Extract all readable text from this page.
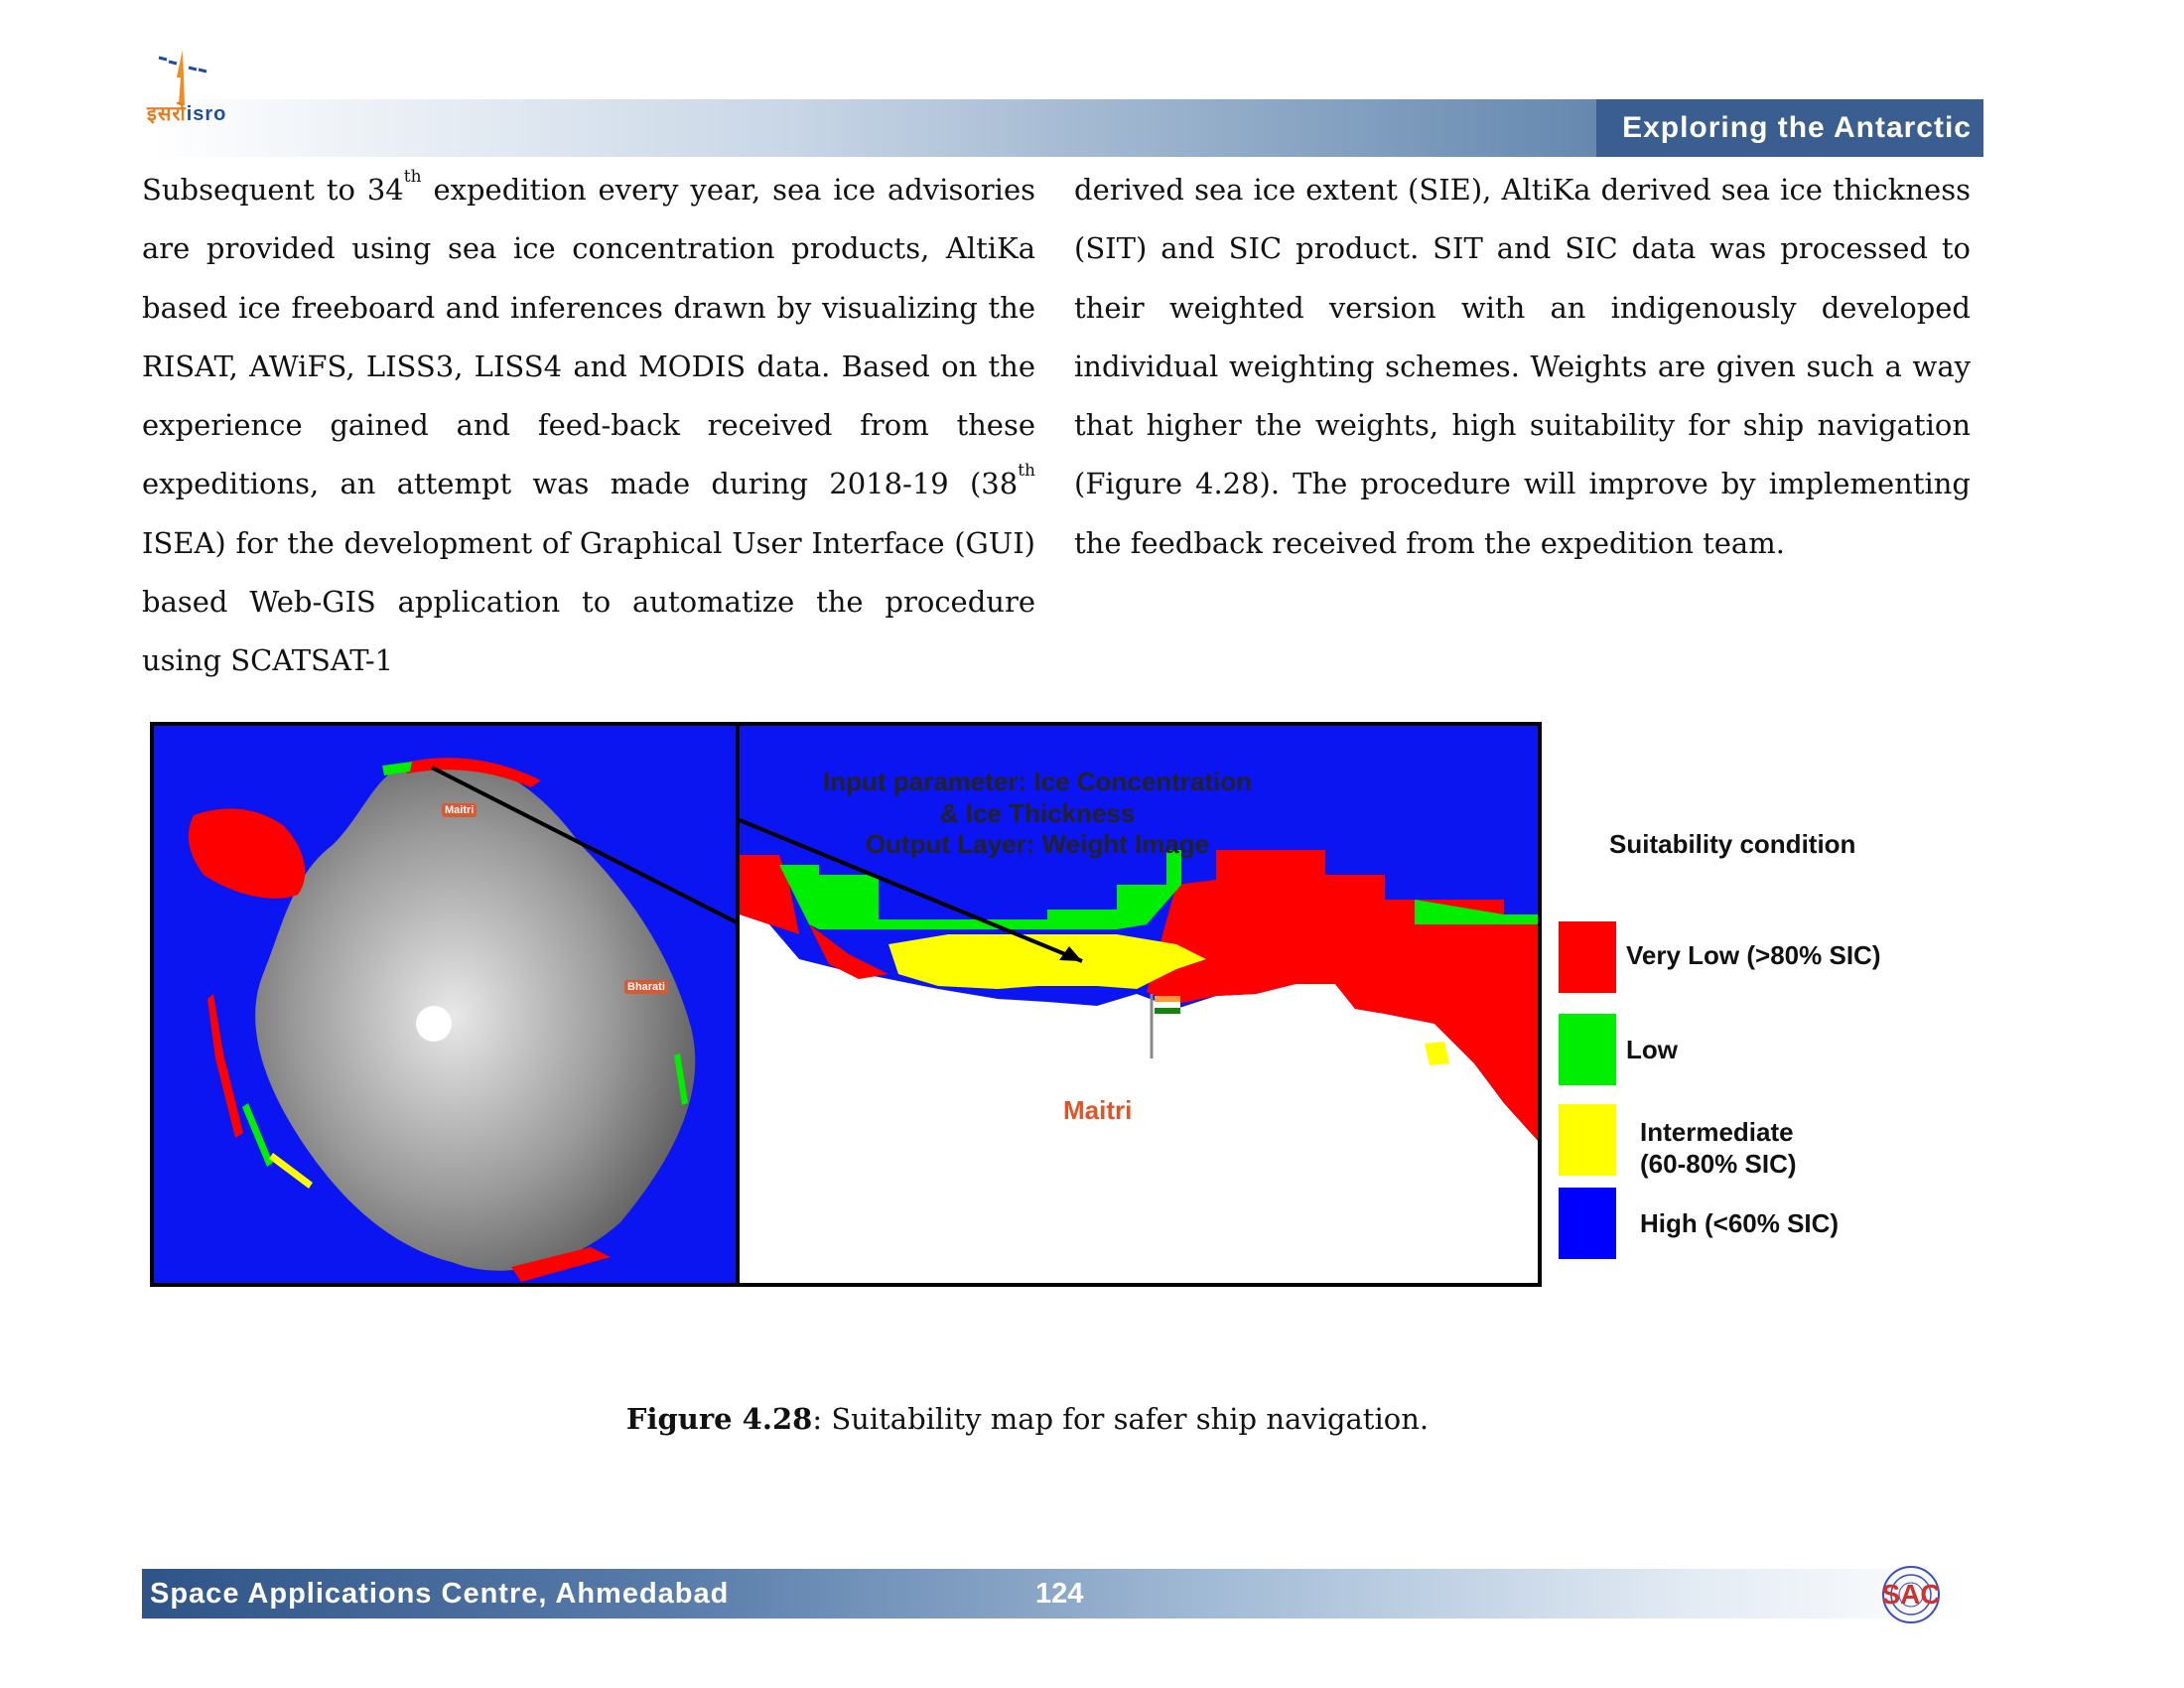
Exploring the Antarctic
इसरोisro

Subsequent to 34th expedition every year, sea ice advisories are provided using sea ice concentration products, AltiKa based ice freeboard and inferences drawn by visualizing the RISAT, AWiFS, LISS3, LISS4 and MODIS data. Based on the experience gained and feed-back received from these expeditions, an attempt was made during 2018-19 (38th ISEA) for the development of Graphical User Interface (GUI) based Web-GIS application to automatize the procedure using SCATSAT-1

derived sea ice extent (SIE), AltiKa derived sea ice thickness (SIT) and SIC product. SIT and SIC data was processed to their weighted version with an indigenously developed individual weighting schemes. Weights are given such a way that higher the weights, high suitability for ship navigation (Figure 4.28). The procedure will improve by implementing the feedback received from the expedition team.

Maitri
Bharati
Input parameter: Ice Concentration
& Ice Thickness
Output Layer: Weight Image
Maitri
Suitability condition
Very Low (>80% SIC)
Low
Intermediate
(60-80% SIC)
High (<60% SIC)
Figure 4.28: Suitability map for safer ship navigation.
Space Applications Centre, Ahmedabad	124	SAC
